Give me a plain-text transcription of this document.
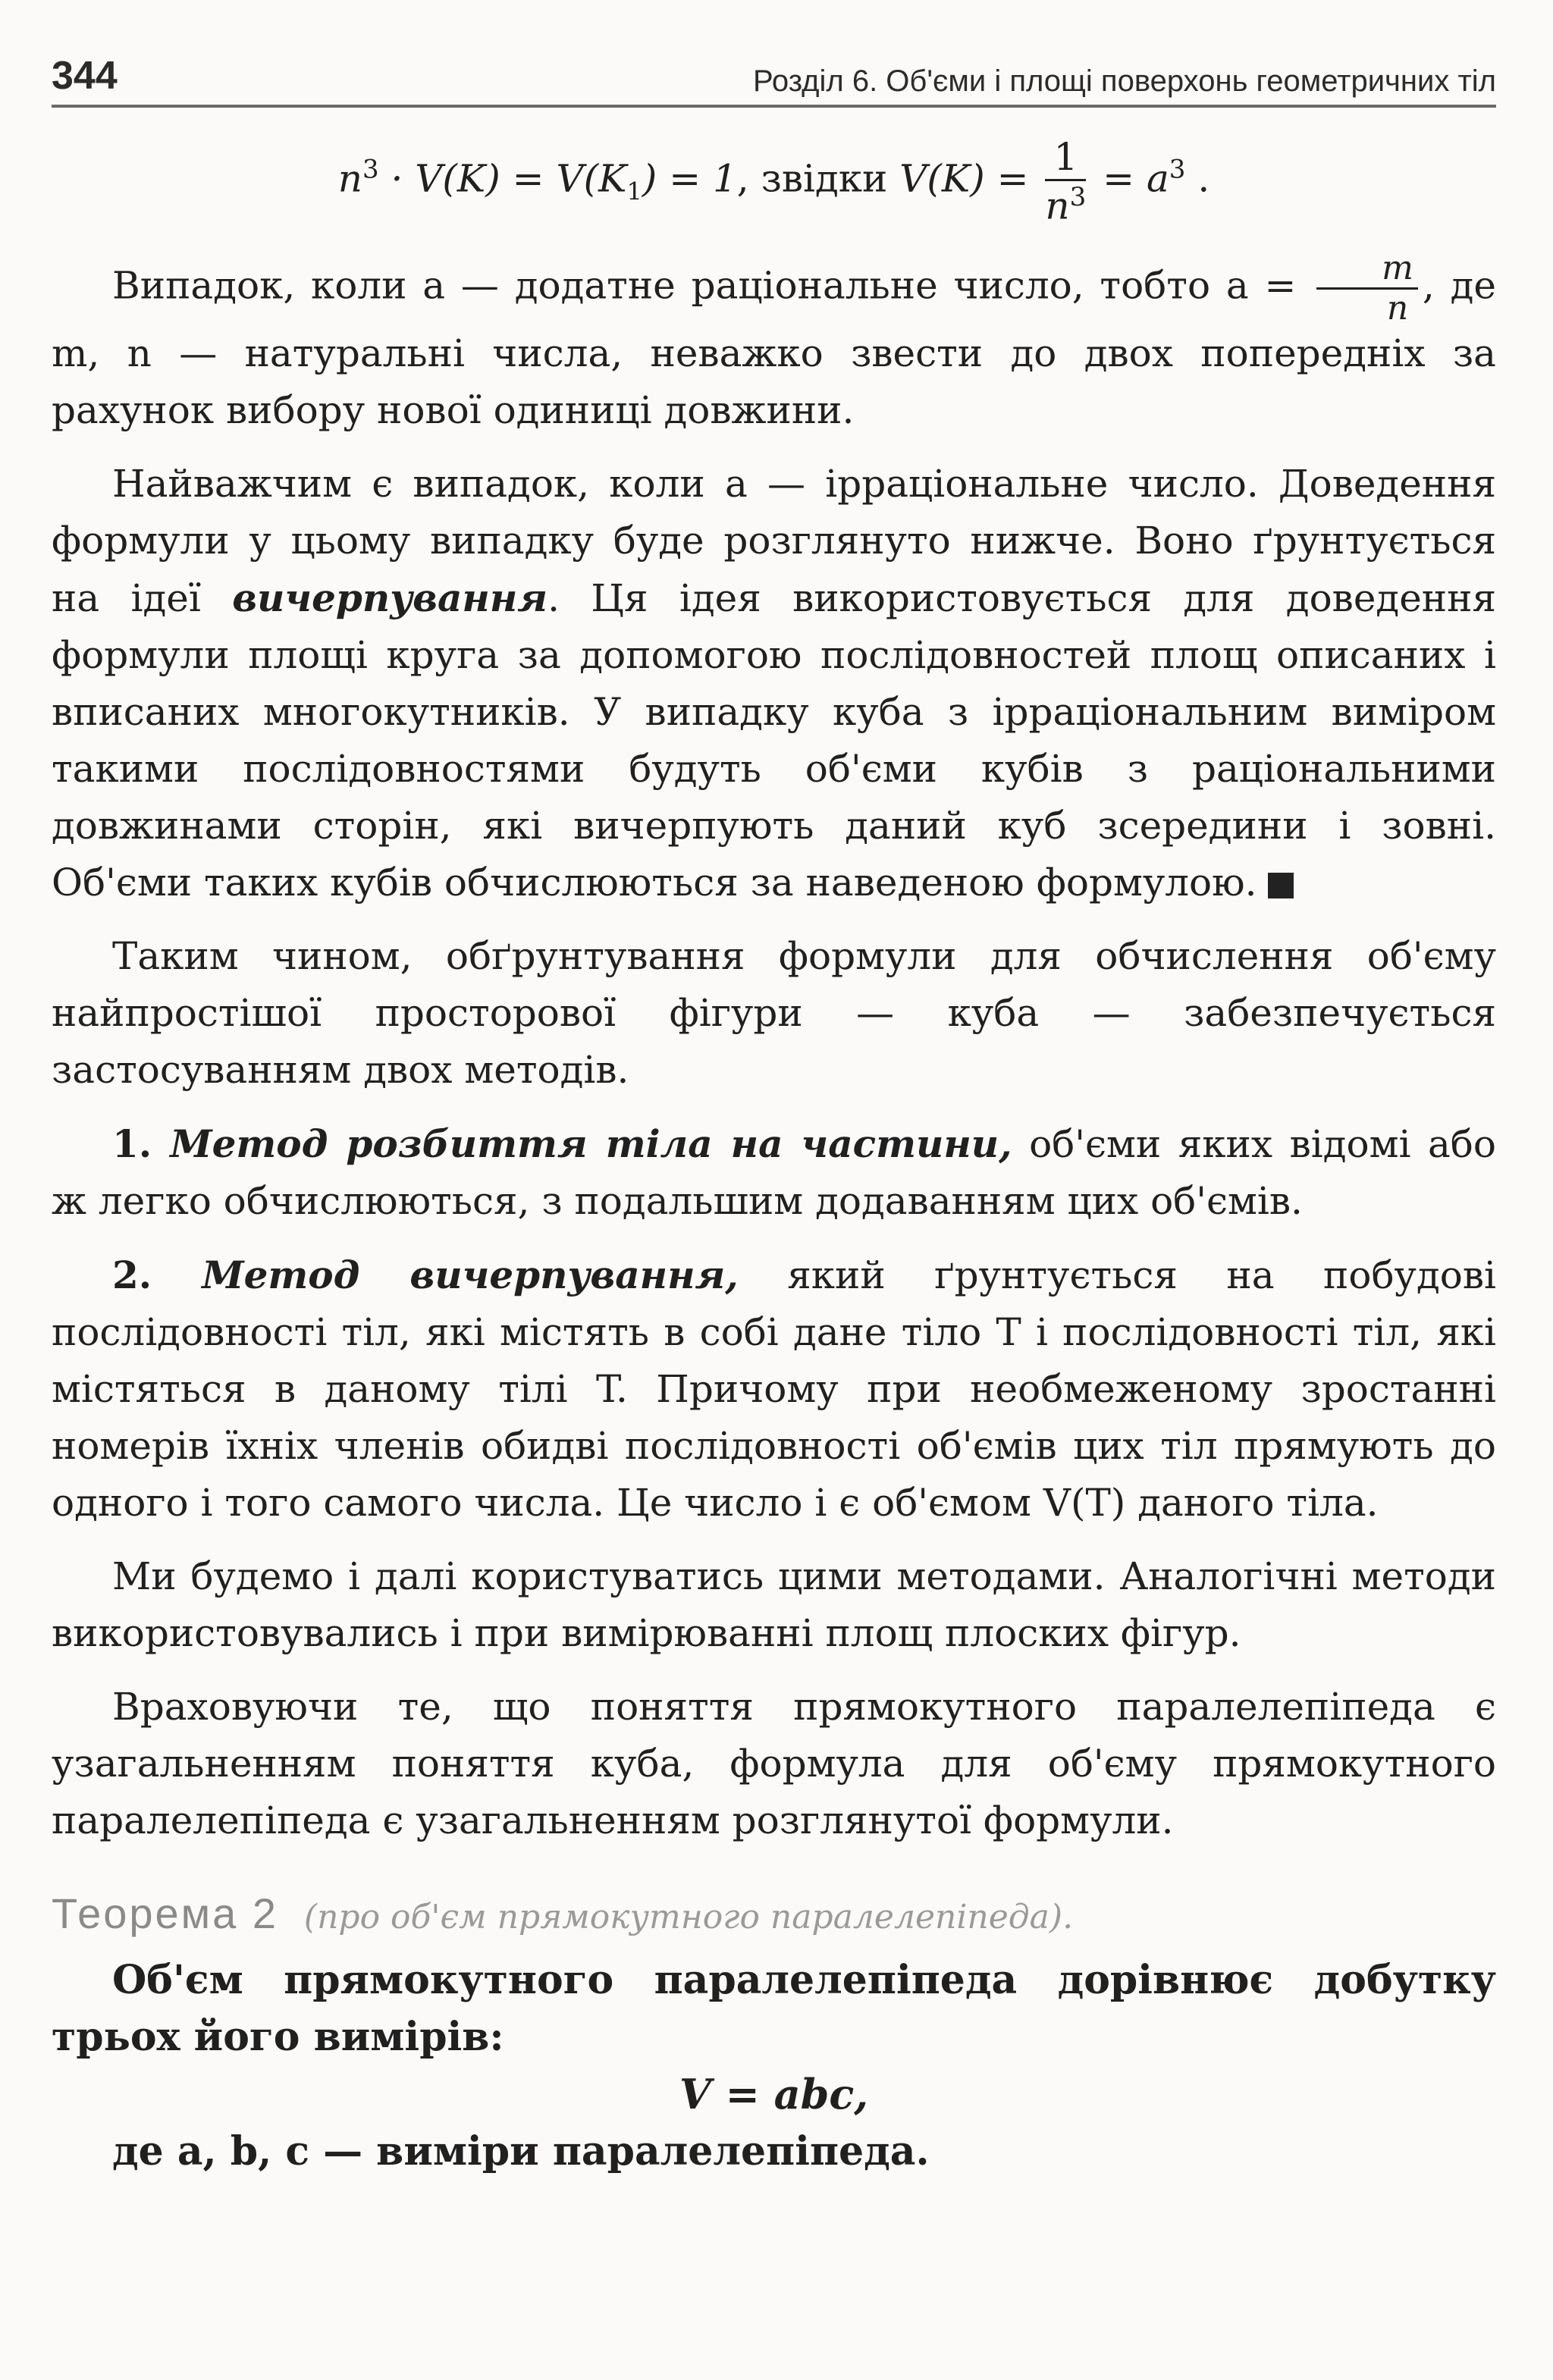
344	Розділ 6. Об'єми і площі поверхонь геометричних тіл
$n^3 \cdot V(K) = V(K_1) = 1$, звідки $V(K) = \frac{1}{n^3} = a^3$ .

Випадок, коли a — додатне раціональне число, тобто $a = \frac{m}{n}$ , де m, n — натуральні числа, неважко звести до двох попередніх за рахунок вибору нової одиниці довжини.

Найважчим є випадок, коли a — ірраціональне число. Доведення формули у цьому випадку буде розглянуто нижче. Воно ґрунтується на ідеї вичерпування. Ця ідея використовується для доведення формули площі круга за допомогою послідовностей площ описаних і вписаних многокутників. У випадку куба з ірраціональним виміром такими послідовностями будуть об'єми кубів з раціональними довжинами сторін, які вичерпують даний куб зсередини і зовні. Об'єми таких кубів обчислюються за наведеною формулою.

Таким чином, обґрунтування формули для обчислення об'єму найпростішої просторової фігури — куба — забезпечується застосуванням двох методів.

1. Метод розбиття тіла на частини, об'єми яких відомі або ж легко обчислюються, з подальшим додаванням цих об'ємів.

2. Метод вичерпування, який ґрунтується на побудові послідовності тіл, які містять в собі дане тіло T і послідовності тіл, які містяться в даному тілі T. Причому при необмеженому зростанні номерів їхніх членів обидві послідовності об'ємів цих тіл прямують до одного і того самого числа. Це число і є об'ємом V(T) даного тіла.

Ми будемо і далі користуватись цими методами. Аналогічні методи використовувались і при вимірюванні площ плоских фігур.

Враховуючи те, що поняття прямокутного паралелепіпеда є узагальненням поняття куба, формула для об'єму прямокутного паралелепіпеда є узагальненням розглянутої формули.

Теорема 2 (про об'єм прямокутного паралелепіпеда).

Об'єм прямокутного паралелепіпеда дорівнює добутку трьох його вимірів:

V = abc,

де a, b, c — виміри паралелепіпеда.
